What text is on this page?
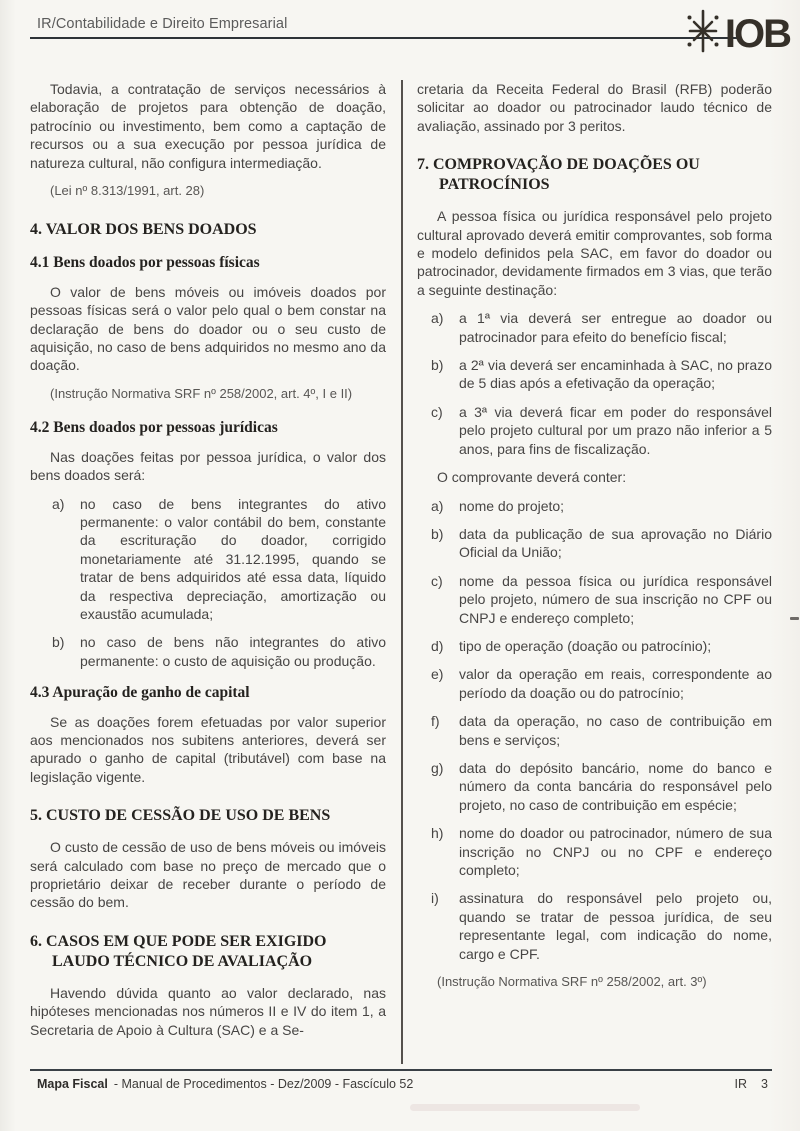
IR/Contabilidade e Direito Empresarial	IOB

Todavia, a contratação de serviços necessários à elaboração de projetos para obtenção de doação, patrocínio ou investimento, bem como a captação de recursos ou a sua execução por pessoa jurídica de natureza cultural, não configura intermediação.

(Lei nº 8.313/1991, art. 28)

4. VALOR DOS BENS DOADOS
4.1 Bens doados por pessoas físicas

O valor de bens móveis ou imóveis doados por pessoas físicas será o valor pelo qual o bem constar na declaração de bens do doador ou o seu custo de aquisição, no caso de bens adquiridos no mesmo ano da doação.

(Instrução Normativa SRF nº 258/2002, art. 4º, I e II)

4.2 Bens doados por pessoas jurídicas

Nas doações feitas por pessoa jurídica, o valor dos bens doados será:

a)	no caso de bens integrantes do ativo permanente: o valor contábil do bem, constante da escrituração do doador, corrigido monetariamente até 31.12.1995, quando se tratar de bens adquiridos até essa data, líquido da respectiva depreciação, amortização ou exaustão acumulada;
b)	no caso de bens não integrantes do ativo permanente: o custo de aquisição ou produção.
4.3 Apuração de ganho de capital

Se as doações forem efetuadas por valor superior aos mencionados nos subitens anteriores, deverá ser apurado o ganho de capital (tributável) com base na legislação vigente.

5. CUSTO DE CESSÃO DE USO DE BENS

O custo de cessão de uso de bens móveis ou imóveis será calculado com base no preço de mercado que o proprietário deixar de receber durante o período de cessão do bem.

6. CASOS EM QUE PODE SER EXIGIDO LAUDO TÉCNICO DE AVALIAÇÃO

Havendo dúvida quanto ao valor declarado, nas hipóteses mencionadas nos números II e IV do item 1, a Secretaria de Apoio à Cultura (SAC) e a Se-

cretaria da Receita Federal do Brasil (RFB) poderão solicitar ao doador ou patrocinador laudo técnico de avaliação, assinado por 3 peritos.

7. COMPROVAÇÃO DE DOAÇÕES OU PATROCÍNIOS

A pessoa física ou jurídica responsável pelo projeto cultural aprovado deverá emitir comprovantes, sob forma e modelo definidos pela SAC, em favor do doador ou patrocinador, devidamente firmados em 3 vias, que terão a seguinte destinação:

a)	a 1ª via deverá ser entregue ao doador ou patrocinador para efeito do benefício fiscal;
b)	a 2ª via deverá ser encaminhada à SAC, no prazo de 5 dias após a efetivação da operação;
c)	a 3ª via deverá ficar em poder do responsável pelo projeto cultural por um prazo não inferior a 5 anos, para fins de fiscalização.

O comprovante deverá conter:

a)	nome do projeto;
b)	data da publicação de sua aprovação no Diário Oficial da União;
c)	nome da pessoa física ou jurídica responsável pelo projeto, número de sua inscrição no CPF ou CNPJ e endereço completo;
d)	tipo de operação (doação ou patrocínio);
e)	valor da operação em reais, correspondente ao período da doação ou do patrocínio;
f)	data da operação, no caso de contribuição em bens e serviços;
g)	data do depósito bancário, nome do banco e número da conta bancária do responsável pelo projeto, no caso de contribuição em espécie;
h)	nome do doador ou patrocinador, número de sua inscrição no CNPJ ou no CPF e endereço completo;
i)	assinatura do responsável pelo projeto ou, quando se tratar de pessoa jurídica, de seu representante legal, com indicação do nome, cargo e CPF.

(Instrução Normativa SRF nº 258/2002, art. 3º)

Mapa Fiscal - Manual de Procedimentos - Dez/2009 - Fascículo 52	IR 3
